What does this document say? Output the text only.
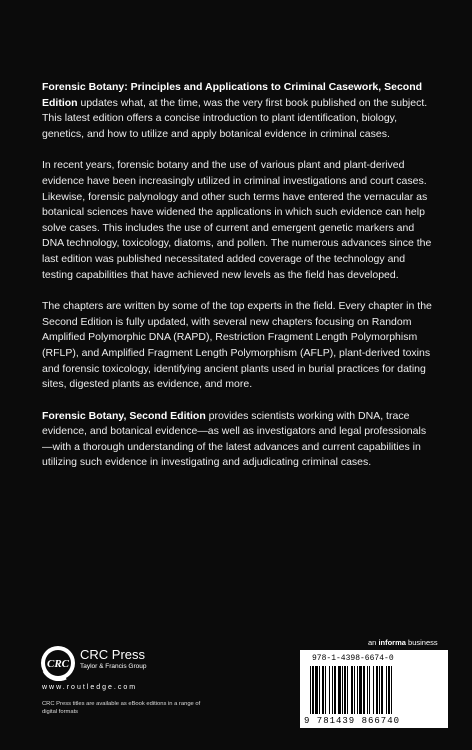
Forensic Botany: Principles and Applications to Criminal Casework, Second Edition updates what, at the time, was the very first book published on the subject. This latest edition offers a concise introduction to plant identification, biology, genetics, and how to utilize and apply botanical evidence in criminal cases.

In recent years, forensic botany and the use of various plant and plant-derived evidence have been increasingly utilized in criminal investigations and court cases. Likewise, forensic palynology and other such terms have entered the vernacular as botanical sciences have widened the applications in which such evidence can help solve cases. This includes the use of current and emergent genetic markers and DNA technology, toxicology, diatoms, and pollen. The numerous advances since the last edition was published necessitated added coverage of the technology and testing capabilities that have achieved new levels as the field has developed.

The chapters are written by some of the top experts in the field. Every chapter in the Second Edition is fully updated, with several new chapters focusing on Random Amplified Polymorphic DNA (RAPD), Restriction Fragment Length Polymorphism (RFLP), and Amplified Fragment Length Polymorphism (AFLP), plant-derived toxins and forensic toxicology, identifying ancient plants used in burial practices for dating sites, digested plants as evidence, and more.

Forensic Botany, Second Edition provides scientists working with DNA, trace evidence, and botanical evidence—as well as investigators and legal professionals—with a thorough understanding of the latest advances and current capabilities in utilizing such evidence in investigating and adjudicating criminal cases.

an informa business
CRC
CRC Press
Taylor & Francis Group
www.routledge.com
CRC Press titles are available as eBook editions in a range of digital formats
978-1-4398-6674-0
9 781439 866740
